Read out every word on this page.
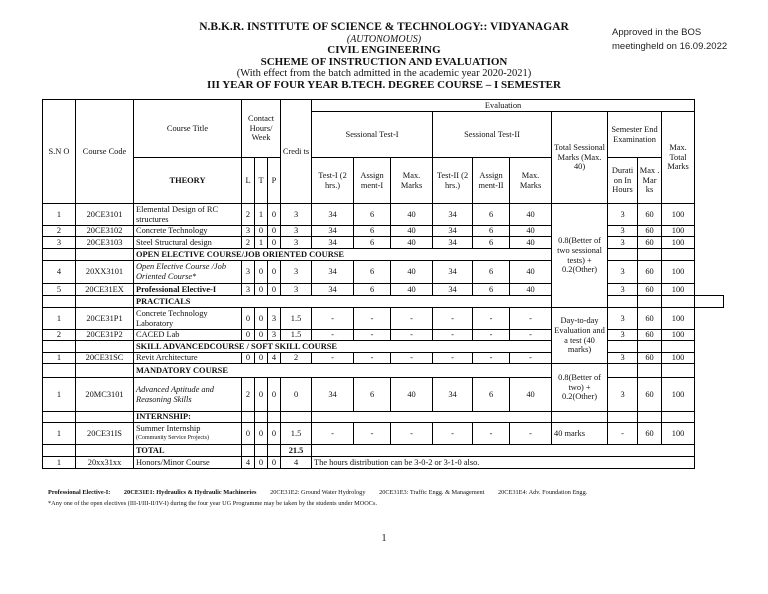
N.B.K.R. INSTITUTE OF SCIENCE & TECHNOLOGY:: VIDYANAGAR
(AUTONOMOUS)
CIVIL ENGINEERING
SCHEME OF INSTRUCTION AND EVALUATION
(With effect from the batch admitted in the academic year 2020-2021)
III YEAR OF FOUR YEAR B.TECH. DEGREE COURSE – I SEMESTER
Approved in the BOS
meetingheld on 16.09.2022
S.N O	Course Code	Course Title	Contact Hours/ Week			Credi ts	Evaluation										
							Sessional Test-I			Sessional Test-II			Total Sessional Marks (Max. 40)	Semester End Examination		Max. Total Marks	
		THEORY	L	T	P		Test-I (2 hrs.)	Assign ment-I	Max. Marks	Test-II (2 hrs.)	Assign ment-II	Max. Marks		Durati on In Hours	Max . Mar ks		
1	20CE3101	Elemental Design of RC structures	2	1	0	3	34	6	40	34	6	40	0.8(Better of two sessional tests) + 0.2(Other)	3	60	100	
2	20CE3102	Concrete Technology	3	0	0	3	34	6	40	34	6	40		3	60	100	
3	20CE3103	Steel Structural design	2	1	0	3	34	6	40	34	6	40		3	60	100	
		OPEN ELECTIVE COURSE/JOB ORIENTED COURSE															
4	20XX3101	Open Elective Course /Job Oriented Course*	3	0	0	3	34	6	40	34	6	40		3	60	100	
5	20CE31EX	Professional Elective-I	3	0	0	3	34	6	40	34	6	40		3	60	100	
		PRACTICALS															
1	20CE31P1	Concrete Technology Laboratory	0	0	3	1.5	-	-	-	-	-	-	Day-to-day Evaluation and a test (40 marks)	3	60	100	
2	20CE31P2	CACED Lab	0	0	3	1.5	-	-	-	-	-	-		3	60	100	
		SKILL ADVANCEDCOURSE / SOFT SKILL COURSE															
1	20CE31SC	Revit Architecture	0	0	4	2	-	-	-	-	-	-		3	60	100	
		MANDATORY COURSE											0.8(Better of two) + 0.2(Other)				
1	20MC3101	Advanced Aptitude and Reasoning Skills	2	0	0	0	34	6	40	34	6	40		3	60	100	
		INTERNSHIP:															
1	20CE31IS	Summer Internship
(Community Service Projects)	0	0	0	1.5	-	-	-	-	-	-	40 marks	-	60	100	
		TOTAL				21.5											
1	20xx31xx	Honors/Minor Course	4	0	0	4	The hours distribution can be 3-0-2 or 3-1-0 also.										
Professional Elective-I: 20CE31E1: Hydraulics & Hydraulic Machineries 20CE31E2: Ground Water Hydrology 20CE31E3: Traffic Engg. & Management 20CE31E4: Adv. Foundation Engg.
*Any one of the open electives (III-I/III-II/IV-I) during the four year UG Programme may be taken by the students under MOOCs.
1
